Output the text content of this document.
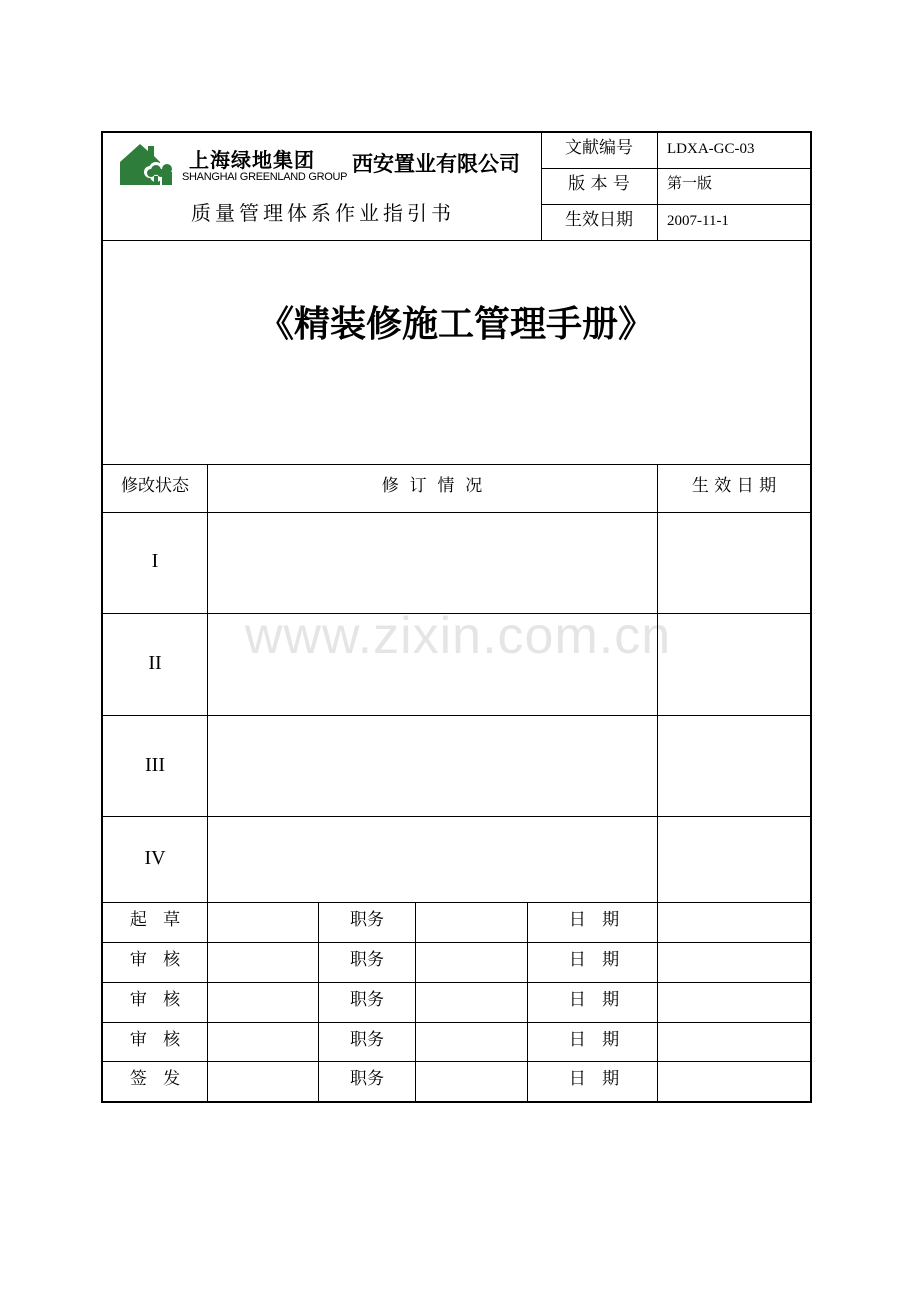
上海绿地集团
SHANGHAI GREENLAND GROUP
西安置业有限公司
质量管理体系作业指引书
文献编号 LDXA-GC-03
版 本 号 第一版
生效日期 2007-11-1
《精装修施工管理手册》
修改状态	修  订  情  况	生 效 日 期
I
II
III
IV
起   草	职务	日   期
审   核	职务	日   期
审   核	职务	日   期
审   核	职务	日   期
签   发	职务	日   期
www.zixin.com.cn
